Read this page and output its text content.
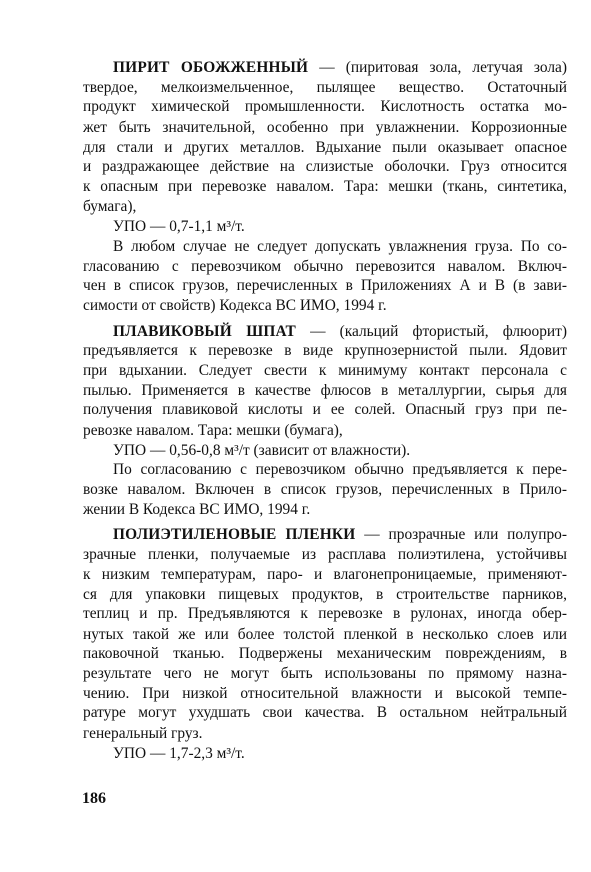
ПИРИТ ОБОЖЖЕННЫЙ — (пиритовая зола, летучая зола)
твердое, мелкоизмельченное, пылящее вещество. Остаточный
продукт химической промышленности. Кислотность остатка мо-
жет быть значительной, особенно при увлажнении. Коррозионные
для стали и других металлов. Вдыхание пыли оказывает опасное
и раздражающее действие на слизистые оболочки. Груз относится
к опасным при перевозке навалом. Тара: мешки (ткань, синтетика,
бумага),
УПО — 0,7-1,1 м³/т.
В любом случае не следует допускать увлажнения груза. По со-
гласованию с перевозчиком обычно перевозится навалом. Включ-
чен в список грузов, перечисленных в Приложениях А и В (в зави-
симости от свойств) Кодекса ВС ИМО, 1994 г.
ПЛАВИКОВЫЙ ШПАТ — (кальций фтористый, флюорит)
предъявляется к перевозке в виде крупнозернистой пыли. Ядовит
при вдыхании. Следует свести к минимуму контакт персонала с
пылью. Применяется в качестве флюсов в металлургии, сырья для
получения плавиковой кислоты и ее солей. Опасный груз при пе-
ревозке навалом. Тара: мешки (бумага),
УПО — 0,56-0,8 м³/т (зависит от влажности).
По согласованию с перевозчиком обычно предъявляется к пере-
возке навалом. Включен в список грузов, перечисленных в Прило-
жении В Кодекса ВС ИМО, 1994 г.
ПОЛИЭТИЛЕНОВЫЕ ПЛЕНКИ — прозрачные или полупро-
зрачные пленки, получаемые из расплава полиэтилена, устойчивы
к низким температурам, паро- и влагонепроницаемые, применяют-
ся для упаковки пищевых продуктов, в строительстве парников,
теплиц и пр. Предъявляются к перевозке в рулонах, иногда обер-
нутых такой же или более толстой пленкой в несколько слоев или
паковочной тканью. Подвержены механическим повреждениям, в
результате чего не могут быть использованы по прямому назна-
чению. При низкой относительной влажности и высокой темпе-
ратуре могут ухудшать свои качества. В остальном нейтральный
генеральный груз.
УПО — 1,7-2,3 м³/т.
186
